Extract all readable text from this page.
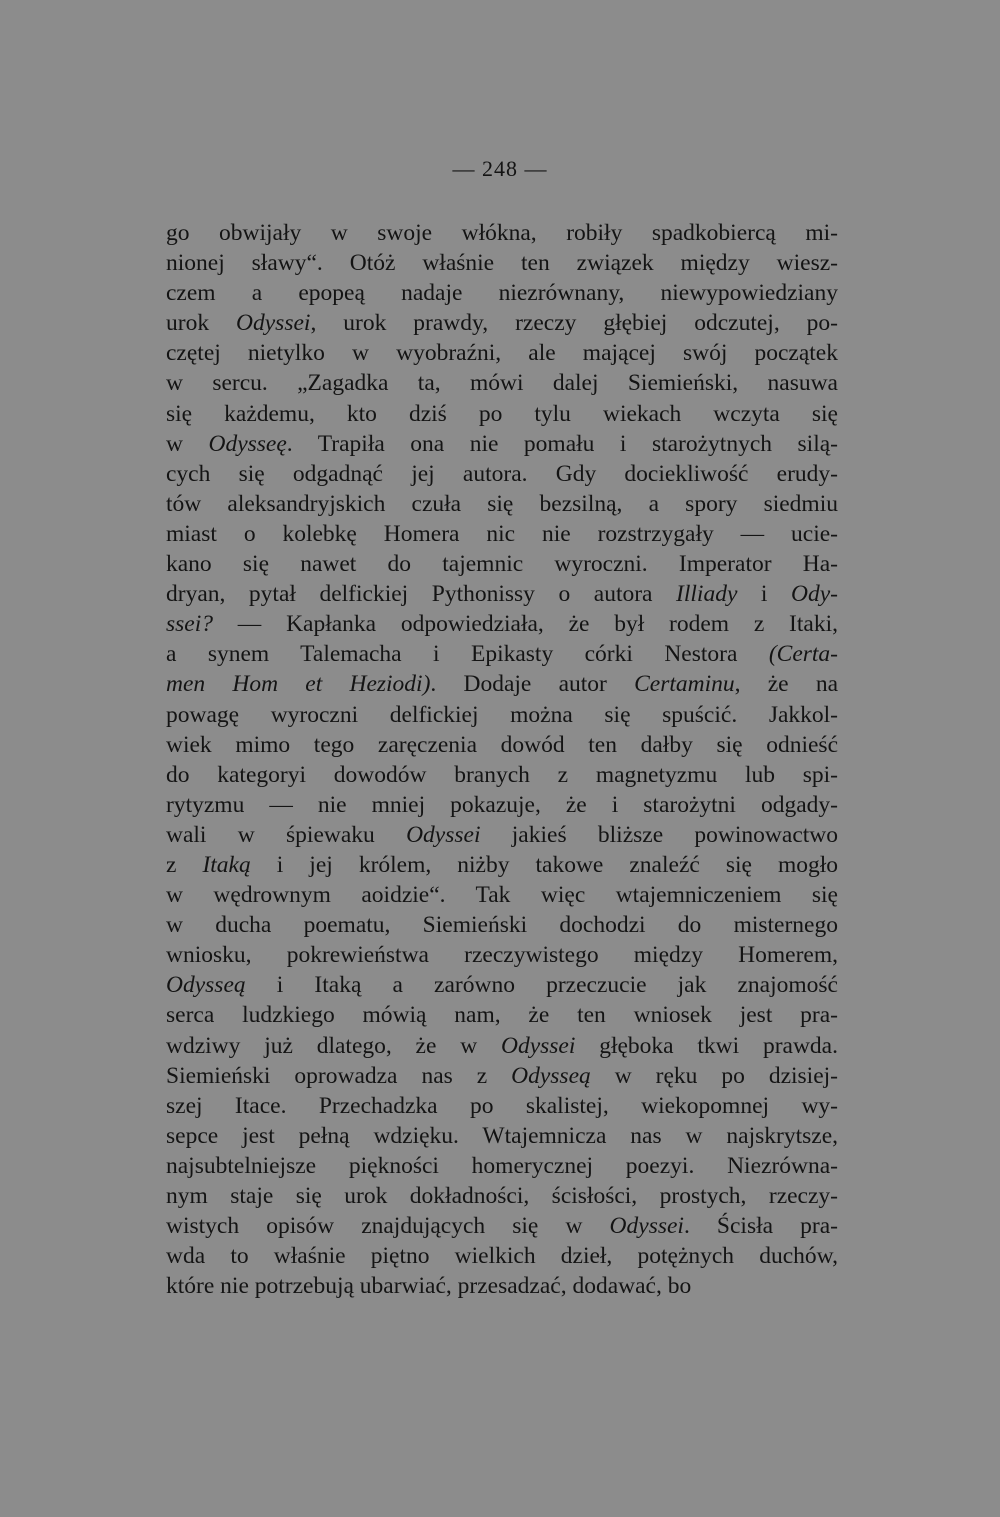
— 248 —
go obwijały w swoje włókna, robiły spadkobiercą mi-
nionej sławy“. Otóż właśnie ten związek między wiesz-
czem a epopeą nadaje niezrównany, niewypowiedziany
urok Odyssei, urok prawdy, rzeczy głębiej odczutej, po-
czętej nietylko w wyobraźni, ale mającej swój początek
w sercu. „Zagadka ta, mówi dalej Siemieński, nasuwa
się każdemu, kto dziś po tylu wiekach wczyta się
w Odysseę. Trapiła ona nie pomału i starożytnych silą-
cych się odgadnąć jej autora. Gdy dociekliwość erudy-
tów aleksandryjskich czuła się bezsilną, a spory siedmiu
miast o kolebkę Homera nic nie rozstrzygały — ucie-
kano się nawet do tajemnic wyroczni. Imperator Ha-
dryan, pytał delfickiej Pythonissy o autora Illiady i Ody-
ssei? — Kapłanka odpowiedziała, że był rodem z Itaki,
a synem Talemacha i Epikasty córki Nestora (Certa-
men Hom et Heziodi). Dodaje autor Certaminu, że na
powagę wyroczni delfickiej można się spuścić. Jakkol-
wiek mimo tego zaręczenia dowód ten dałby się odnieść
do kategoryi dowodów branych z magnetyzmu lub spi-
rytyzmu — nie mniej pokazuje, że i starożytni odgady-
wali w śpiewaku Odyssei jakieś bliższe powinowactwo
z Itaką i jej królem, niżby takowe znaleźć się mogło
w wędrownym aoidzie“. Tak więc wtajemniczeniem się
w ducha poematu, Siemieński dochodzi do misternego
wniosku, pokrewieństwa rzeczywistego między Homerem,
Odysseą i Itaką a zarówno przeczucie jak znajomość
serca ludzkiego mówią nam, że ten wniosek jest pra-
wdziwy już dlatego, że w Odyssei głęboka tkwi prawda.
Siemieński oprowadza nas z Odysseą w ręku po dzisiej-
szej Itace. Przechadzka po skalistej, wiekopomnej wy-
sepce jest pełną wdzięku. Wtajemnicza nas w najskrytsze,
najsubtelniejsze piękności homerycznej poezyi. Niezrówna-
nym staje się urok dokładności, ścisłości, prostych, rzeczy-
wistych opisów znajdujących się w Odyssei. Ścisła pra-
wda to właśnie piętno wielkich dzieł, potężnych duchów,
które nie potrzebują ubarwiać, przesadzać, dodawać, bo
